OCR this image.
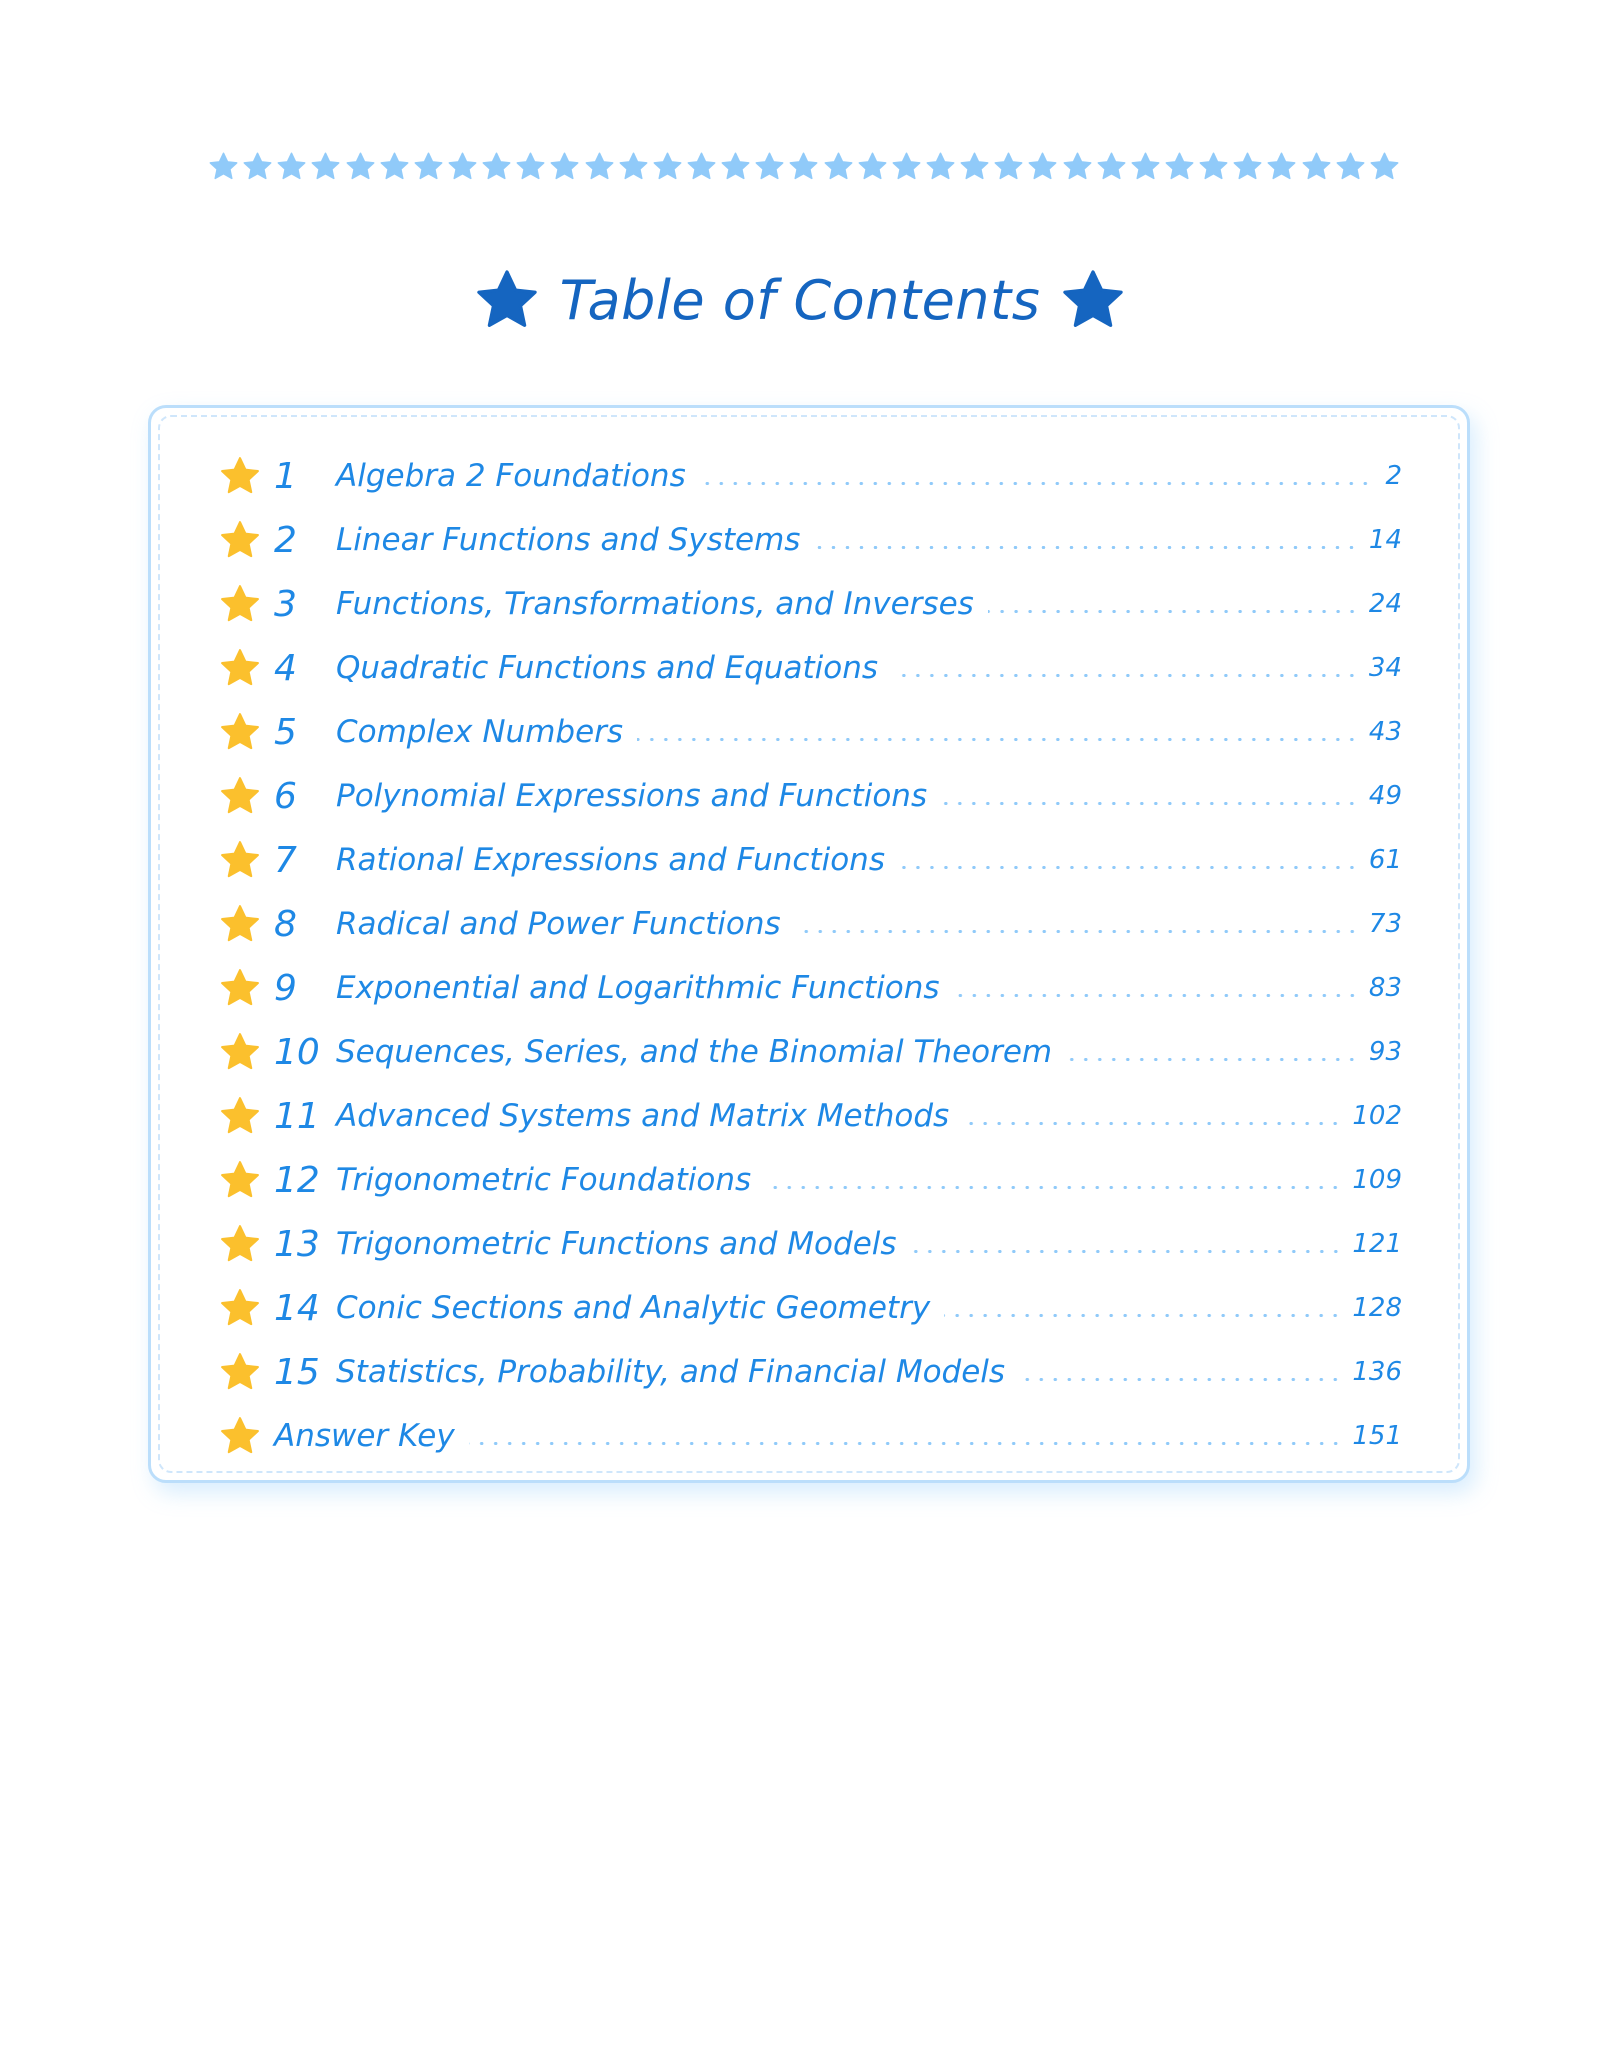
Table of Contents
1	Algebra 2 Foundations	2
2	Linear Functions and Systems	14
3	Functions, Transformations, and Inverses	24
4	Quadratic Functions and Equations	34
5	Complex Numbers	43
6	Polynomial Expressions and Functions	49
7	Rational Expressions and Functions	61
8	Radical and Power Functions	73
9	Exponential and Logarithmic Functions	83
10 Sequences, Series, and the Binomial Theorem	93
11 Advanced Systems and Matrix Methods	102
12 Trigonometric Foundations	109
13 Trigonometric Functions and Models	121
14 Conic Sections and Analytic Geometry	128
15 Statistics, Probability, and Financial Models	136
Answer Key	151
